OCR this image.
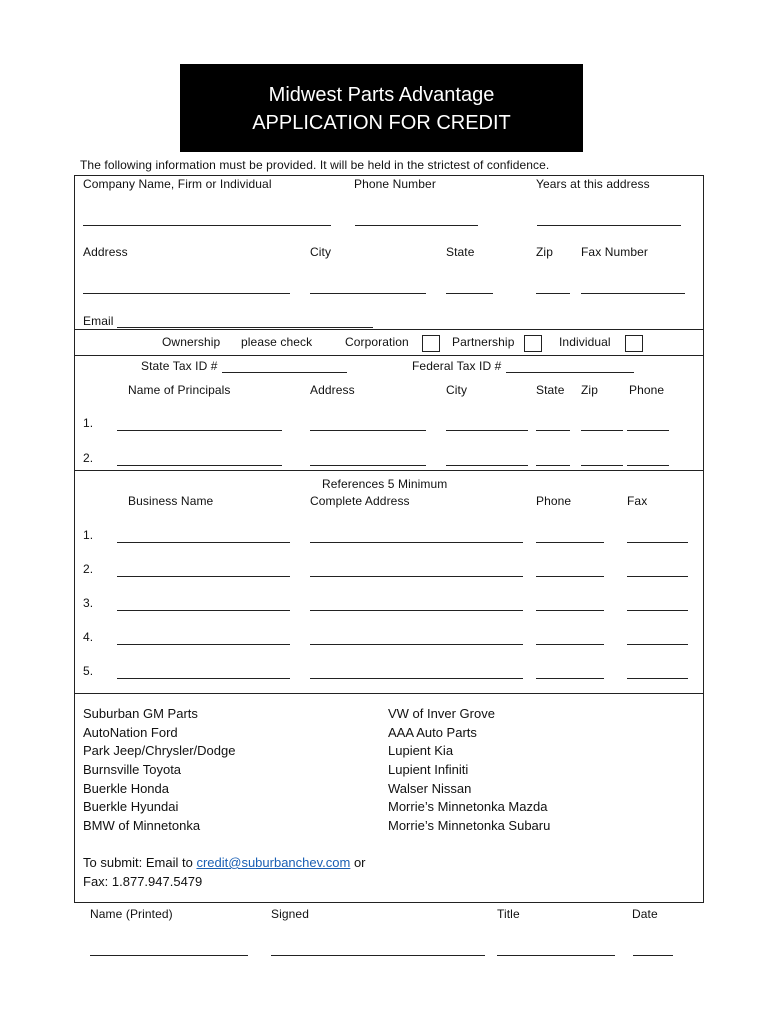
Midwest Parts Advantage
APPLICATION FOR CREDIT
The following information must be provided. It will be held in the strictest of confidence.
Company Name, Firm or Individual	Phone Number	Years at this address
Address	City	State	Zip Fax Number
Email
Ownership please check	Corporation	Partnership	Individual
State Tax ID #	Federal Tax ID #
Name of Principals	Address	City	State Zip	Phone
1.
2.
References 5 Minimum
Business Name	Complete Address	Phone	Fax
1.
2.
3.
4.
5.
Suburban GM Parts
AutoNation Ford
Park Jeep/Chrysler/Dodge
Burnsville Toyota
Buerkle Honda
Buerkle Hyundai
BMW of Minnetonka
VW of Inver Grove
AAA Auto Parts
Lupient Kia
Lupient Infiniti
Walser Nissan
Morrie’s Minnetonka Mazda
Morrie’s Minnetonka Subaru
To submit: Email to credit@suburbanchev.com or
Fax: 1.877.947.5479
Name (Printed)	Signed	Title	Date
